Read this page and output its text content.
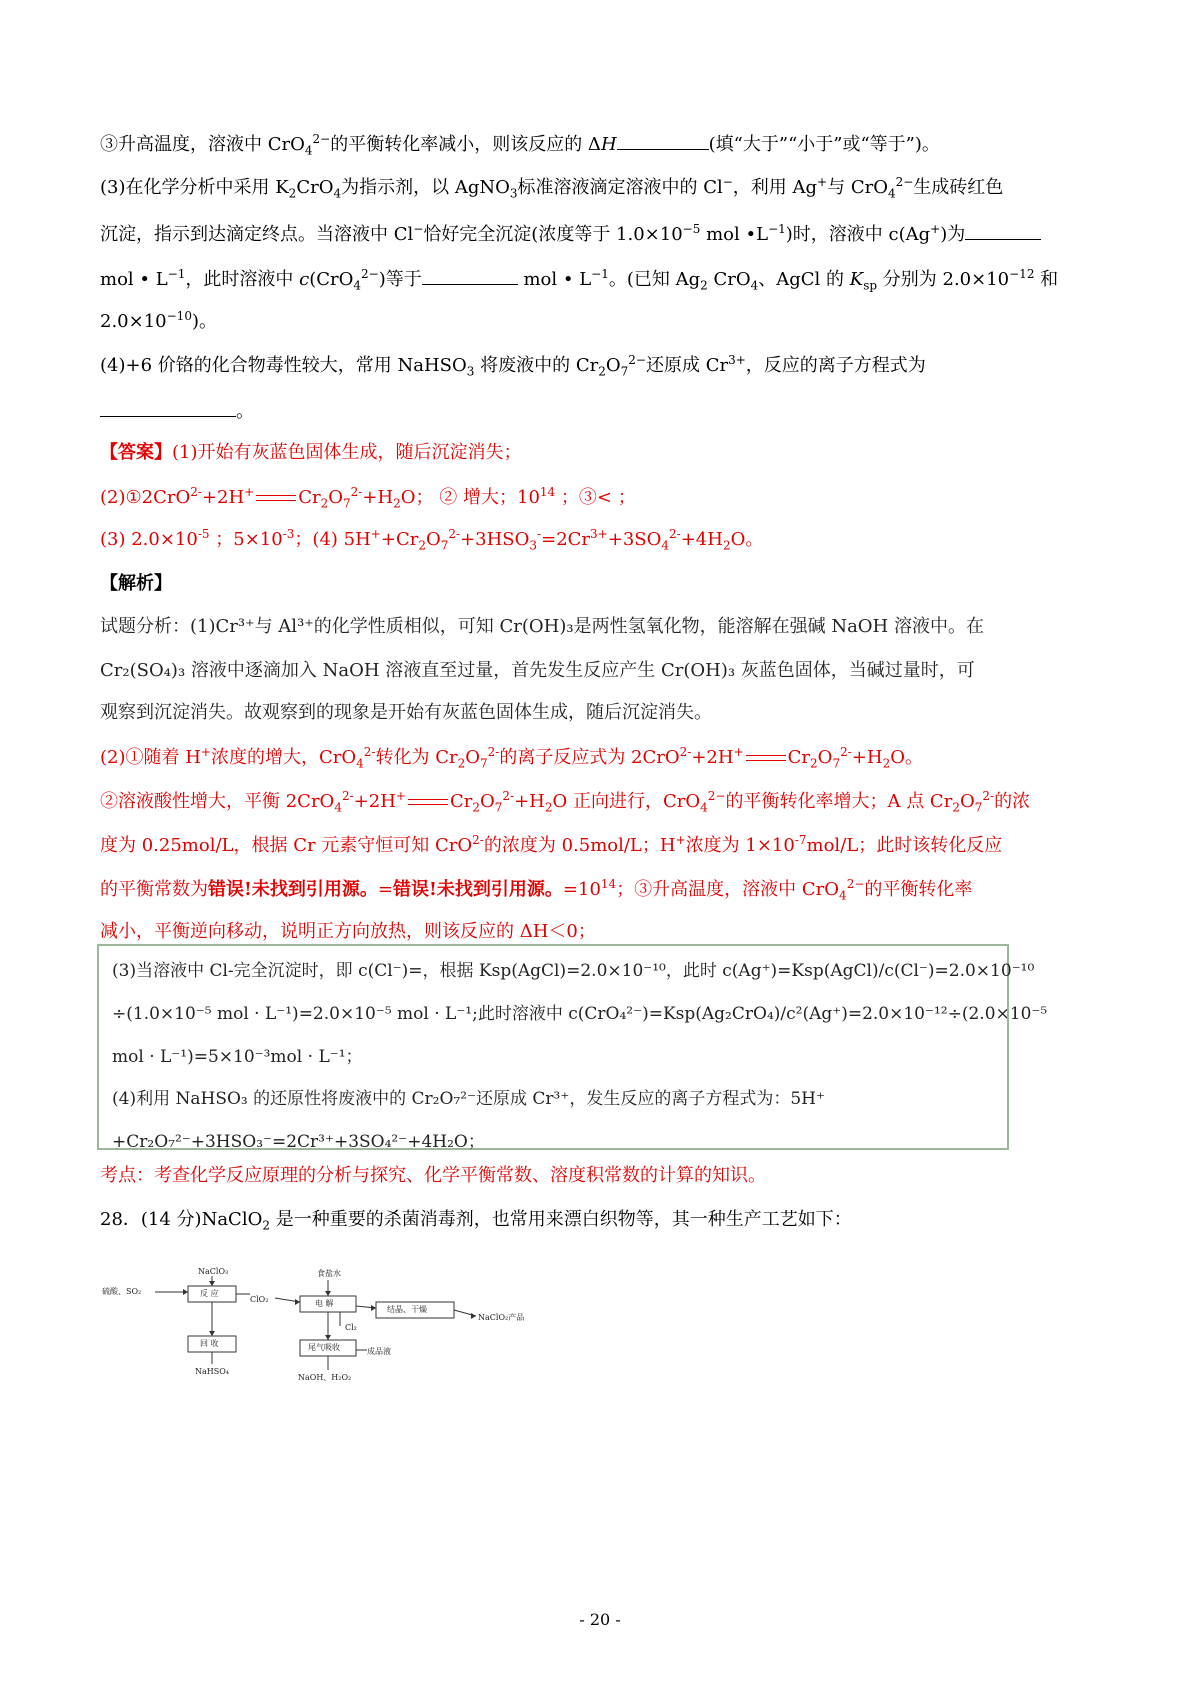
③升高温度，溶液中 CrO$_4^{2-}$的平衡转化率减小，则该反应的 ΔH	(填“大于”“小于”或“等于”)。
(3)在化学分析中采用 $K_2CrO_4$为指示剂，以 AgNO$_3$标准溶液滴定溶液中的 Cl−，利用 Ag+与 CrO$_4^{2-}$生成砖红色
沉淀，指示到达滴定终点。当溶液中 Cl−恰好完全沉淀(浓度等于 $1.0\times 10^{-5}$ mol $•L^{-1}$)时，溶液中 c(Ag+)为
mol • $L^{-1}$，此时溶液中 c(CrO$_4^{2-}$)等于	mol • $L^{-1}$。(已知 $Ag_2$ CrO$_4$、AgCl 的 $K_{sp}$ 分别为 $2.0\times 10^{-12}$ 和
$2.0\times 10^{-10}$)。
(4)+6 价铬的化合物毒性较大，常用 NaHSO$_3$ 将废液中的 $Cr_2O_7^{2-}$还原成 $Cr^{3+}$，反应的离子方程式为
。
【答案】(1)开始有灰蓝色固体生成，随后沉淀消失；
(2)①2CrO$^{2-}$+2H+ $Cr_2O_7^{2-}+H_2O$； ② 增大；$10^{14}$ ；③< ；
(3) $2.0\times 10^{-5}$ ；$5\times 10^{-3}$；(4) $5H^++Cr_2O_7^{2-}+3HSO_3^-=2Cr^{3+}+3SO_4^{2-}+4H_2O$。
【解析】
试题分析：(1)Cr³⁺与 Al³⁺的化学性质相似，可知 Cr(OH)₃是两性氢氧化物，能溶解在强碱 NaOH 溶液中。在
Cr₂(SO₄)₃ 溶液中逐滴加入 NaOH 溶液直至过量，首先发生反应产生 Cr(OH)₃ 灰蓝色固体，当碱过量时，可
观察到沉淀消失。故观察到的现象是开始有灰蓝色固体生成，随后沉淀消失。
(2)①随着 H+浓度的增大，CrO$_4^{2-}$转化为 $Cr_2O_7^{2-}$的离子反应式为 2CrO$^{2-}$+2H+ $Cr_2O_7^{2-}+H_2O$。
②溶液酸性增大，平衡 2CrO$_4^{2-}$+2H+ $Cr_2O_7^{2-}+H_2O$ 正向进行，CrO$_4^{2-}$的平衡转化率增大；A 点 $Cr_2O_7^{2-}$的浓
度为 0.25mol/L，根据 Cr 元素守恒可知 CrO$^{2-}$的浓度为 0.5mol/L；H+浓度为 $1\times 10^{-7}mol/L$；此时该转化反应
的平衡常数为错误!未找到引用源。=错误!未找到引用源。$=10^{14}$；③升高温度，溶液中 CrO$_4^{2-}$的平衡转化率
减小，平衡逆向移动，说明正方向放热，则该反应的 ΔH＜0；
(3)当溶液中 Cl-完全沉淀时，即 c(Cl⁻)=，根据 Ksp(AgCl)=2.0×10⁻¹⁰，此时 c(Ag⁺)=Ksp(AgCl)/c(Cl⁻)=2.0×10⁻¹⁰
÷(1.0×10⁻⁵ mol · L⁻¹)=2.0×10⁻⁵ mol · L⁻¹;此时溶液中 c(CrO₄²⁻)=Ksp(Ag₂CrO₄)/c²(Ag⁺)=2.0×10⁻¹²÷(2.0×10⁻⁵
mol · L⁻¹)=5×10⁻³mol · L⁻¹；
(4)利用 NaHSO₃ 的还原性将废液中的 Cr₂O₇²⁻还原成 Cr³⁺，发生反应的离子方程式为：5H⁺
+Cr₂O₇²⁻+3HSO₃⁻=2Cr³⁺+3SO₄²⁻+4H₂O；
考点：考查化学反应原理的分析与探究、化学平衡常数、溶度积常数的计算的知识。
28．(14 分)NaClO$_2$ 是一种重要的杀菌消毒剂，也常用来漂白织物等，其一种生产工艺如下：
硫酸、SO₂
NaClO₃
反 应
ClO₂
回 收
NaHSO₄
食盐水
电 解
Cl₂
尾气吸收	成品液
NaOH、H₂O₂
结晶、干燥
NaClO₂产品
- 20 -
